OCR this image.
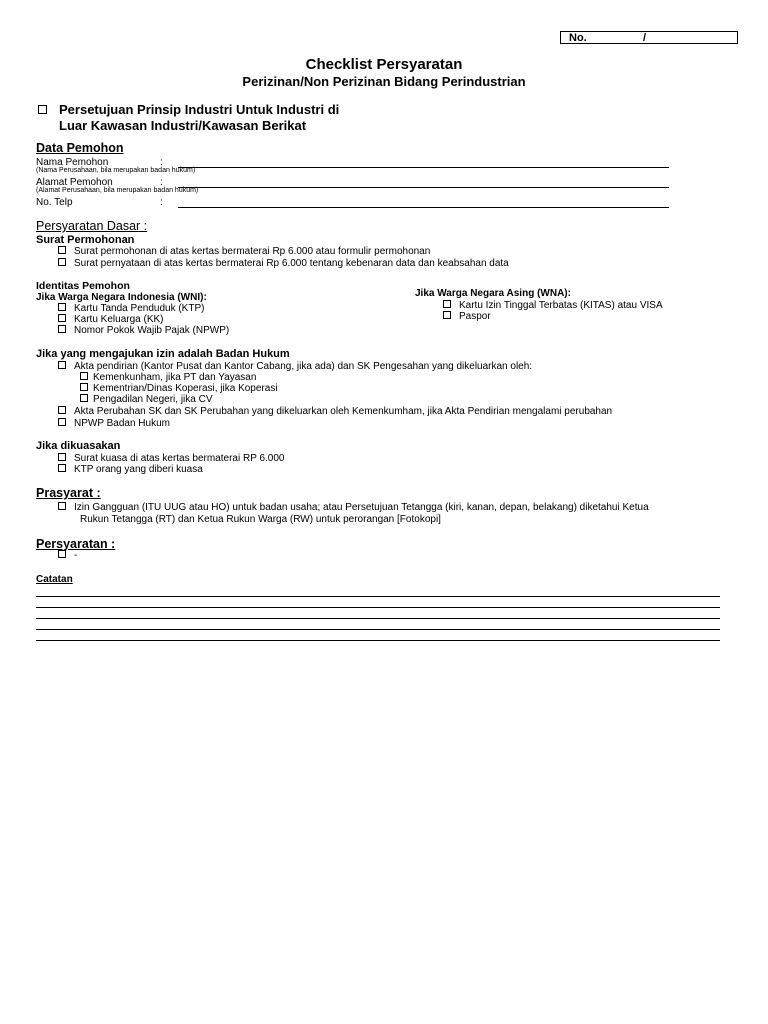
No.	/
Checklist Persyaratan
Perizinan/Non Perizinan Bidang Perindustrian
Persetujuan Prinsip Industri Untuk Industri di
Luar Kawasan Industri/Kawasan Berikat
Data Pemohon
Nama Pemohon	:
(Nama Perusahaan, bila merupakan badan hukum)
Alamat Pemohon	:
(Alamat Perusahaan, bila merupakan badan hukum)
No. Telp	:
Persyaratan Dasar :
Surat Permohonan
Surat permohonan di atas kertas bermaterai Rp 6.000 atau formulir permohonan
Surat pernyataan di atas kertas bermaterai Rp 6.000 tentang kebenaran data dan keabsahan data
Identitas Pemohon
Jika Warga Negara Indonesia (WNI):
Kartu Tanda Penduduk (KTP)
Kartu Keluarga (KK)
Nomor Pokok Wajib Pajak (NPWP)
Jika Warga Negara Asing (WNA):
Kartu Izin Tinggal Terbatas (KITAS) atau VISA
Paspor
Jika yang mengajukan izin adalah Badan Hukum
Akta pendirian (Kantor Pusat dan Kantor Cabang, jika ada) dan SK Pengesahan yang dikeluarkan oleh:
Kemenkunham, jika PT dan Yayasan
Kementrian/Dinas Koperasi, jika Koperasi
Pengadilan Negeri, jika CV
Akta Perubahan SK dan SK Perubahan yang dikeluarkan oleh Kemenkumham, jika Akta Pendirian mengalami perubahan
NPWP Badan Hukum
Jika dikuasakan
Surat kuasa di atas kertas bermaterai RP 6.000
KTP orang yang diberi kuasa
Prasyarat :
Izin Gangguan (ITU UUG atau HO) untuk badan usaha; atau Persetujuan Tetangga (kiri, kanan, depan, belakang) diketahui Ketua
Rukun Tetangga (RT) dan Ketua Rukun Warga (RW) untuk perorangan [Fotokopi]
Persyaratan :
-
Catatan
